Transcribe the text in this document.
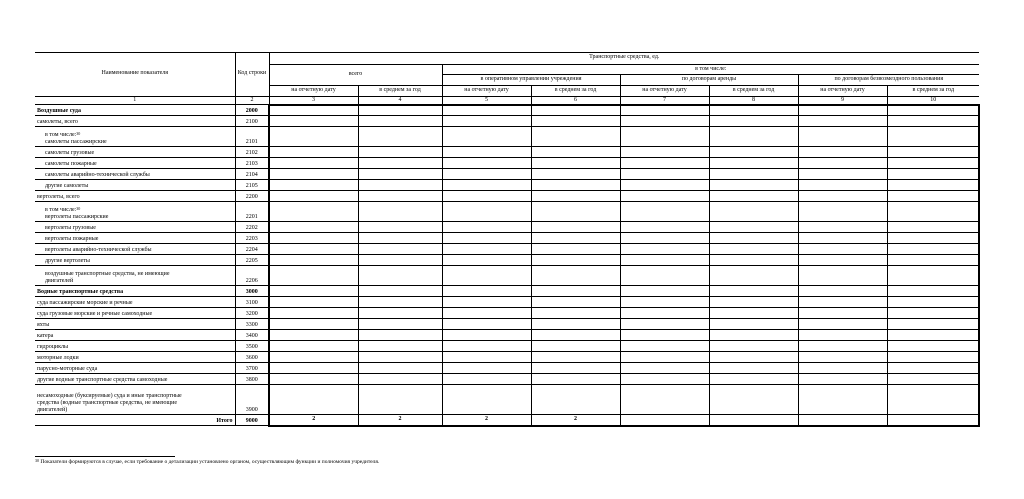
Наименование показателя	Код строки	Транспортные средства, ед.							
		всего		в том числе:					
				в оперативном управлении учреждения		по договорам аренды		по договорам безвозмездного пользования	
		на отчетную дату	в среднем за год	на отчетную дату	в среднем за год	на отчетную дату	в среднем за год	на отчетную дату	в среднем за год
1	2	3	4	5	6	7	8	9	10
Воздушные суда	2000								
самолеты, всего	2100								

в том числе:$^{30}$
самолеты пассажирские	2101								
самолеты грузовые	2102								
самолеты пожарные	2103								
самолеты аварийно-технической службы	2104								
другие самолеты	2105								
вертолеты, всего	2200								

в том числе:$^{30}$
вертолеты пассажирские	2201								
вертолеты грузовые	2202								
вертолеты пожарные	2203								
вертолеты аварийно-технической службы	2204								
другие вертолеты	2205								

воздушные транспортные средства, не имеющие
двигателей	2206								
Водные транспортные средства	3000								
суда пассажирские морские и речные	3100								
суда грузовые морские и речные самоходные	3200								
яхты	3300								
катера	3400								
гидроциклы	3500								
моторные лодки	3600								
парусно-моторные суда	3700								
другие водные транспортные средства самоходные	3800								

несамоходные (буксируемые) суда и иные транспортные
средства (водные транспортные средства, не имеющие
двигателей)	3900								
Итого	9000	2	2	2	2				
$^{30}$ Показатели формируются в случае, если требование о детализации установлено органом, осуществляющим функции и полномочия учредителя.
